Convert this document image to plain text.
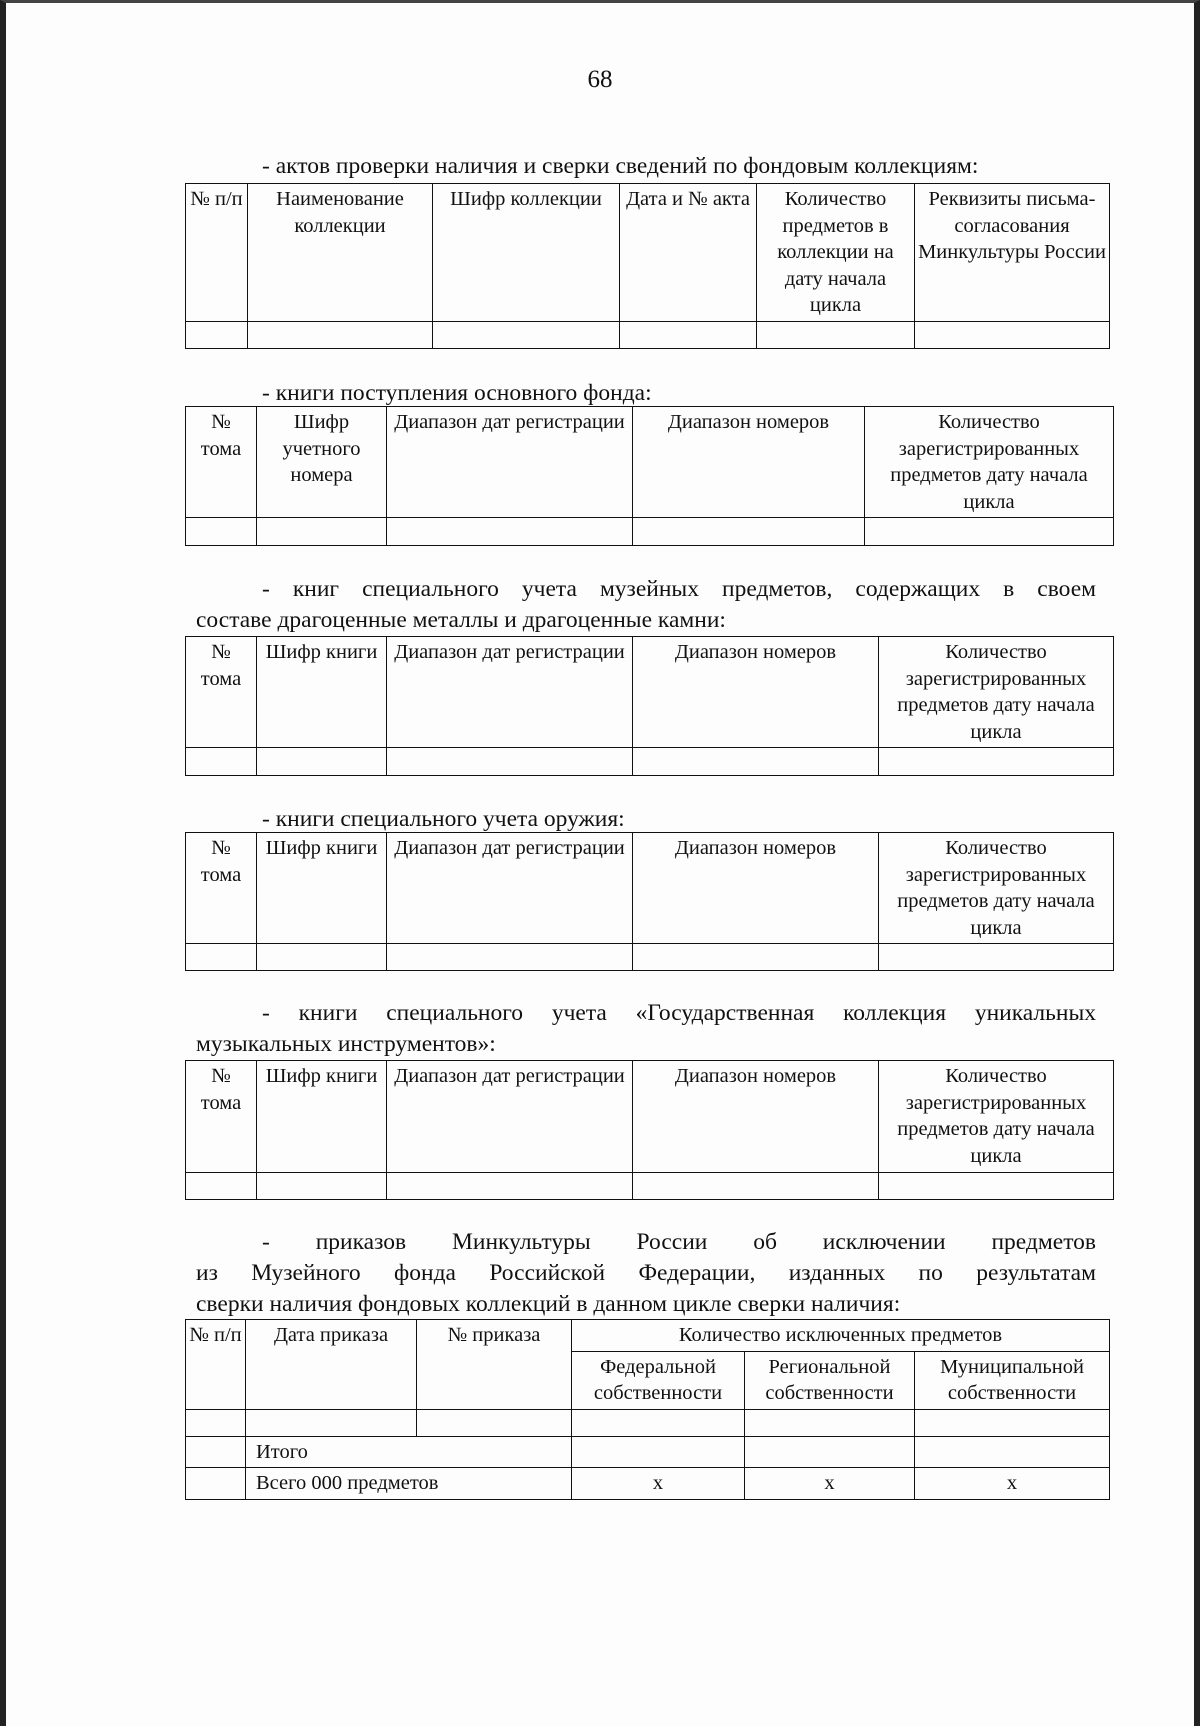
68
- актов проверки наличия и сверки сведений по фондовым коллекциям:
№ п/п	Наименование коллекции	Шифр коллекции	Дата и № акта	Количество предметов в коллекции на дату начала цикла	Реквизиты письма-согласования Минкультуры России

- книги поступления основного фонда:
№ тома	Шифр учетного номера	Диапазон дат регистрации	Диапазон номеров	Количество зарегистрированных предметов дату начала цикла

- книг специального учета музейных предметов, содержащих в своем
составе драгоценные металлы и драгоценные камни:
№ тома	Шифр книги	Диапазон дат регистрации	Диапазон номеров	Количество зарегистрированных предметов дату начала цикла

- книги специального учета оружия:
№ тома	Шифр книги	Диапазон дат регистрации	Диапазон номеров	Количество зарегистрированных предметов дату начала цикла

- книги специального учета «Государственная коллекция уникальных
музыкальных инструментов»:
№ тома	Шифр книги	Диапазон дат регистрации	Диапазон номеров	Количество зарегистрированных предметов дату начала цикла

- приказов Минкультуры России об исключении предметов
из Музейного фонда Российской Федерации, изданных по результатам
сверки наличия фондовых коллекций в данном цикле сверки наличия:
№ п/п	Дата приказа	№ приказа	Количество исключенных предметов		
			Федеральной собственности	Региональной собственности	Муниципальной собственности

	Итого				
	Всего 000 предметов		х	х	х
